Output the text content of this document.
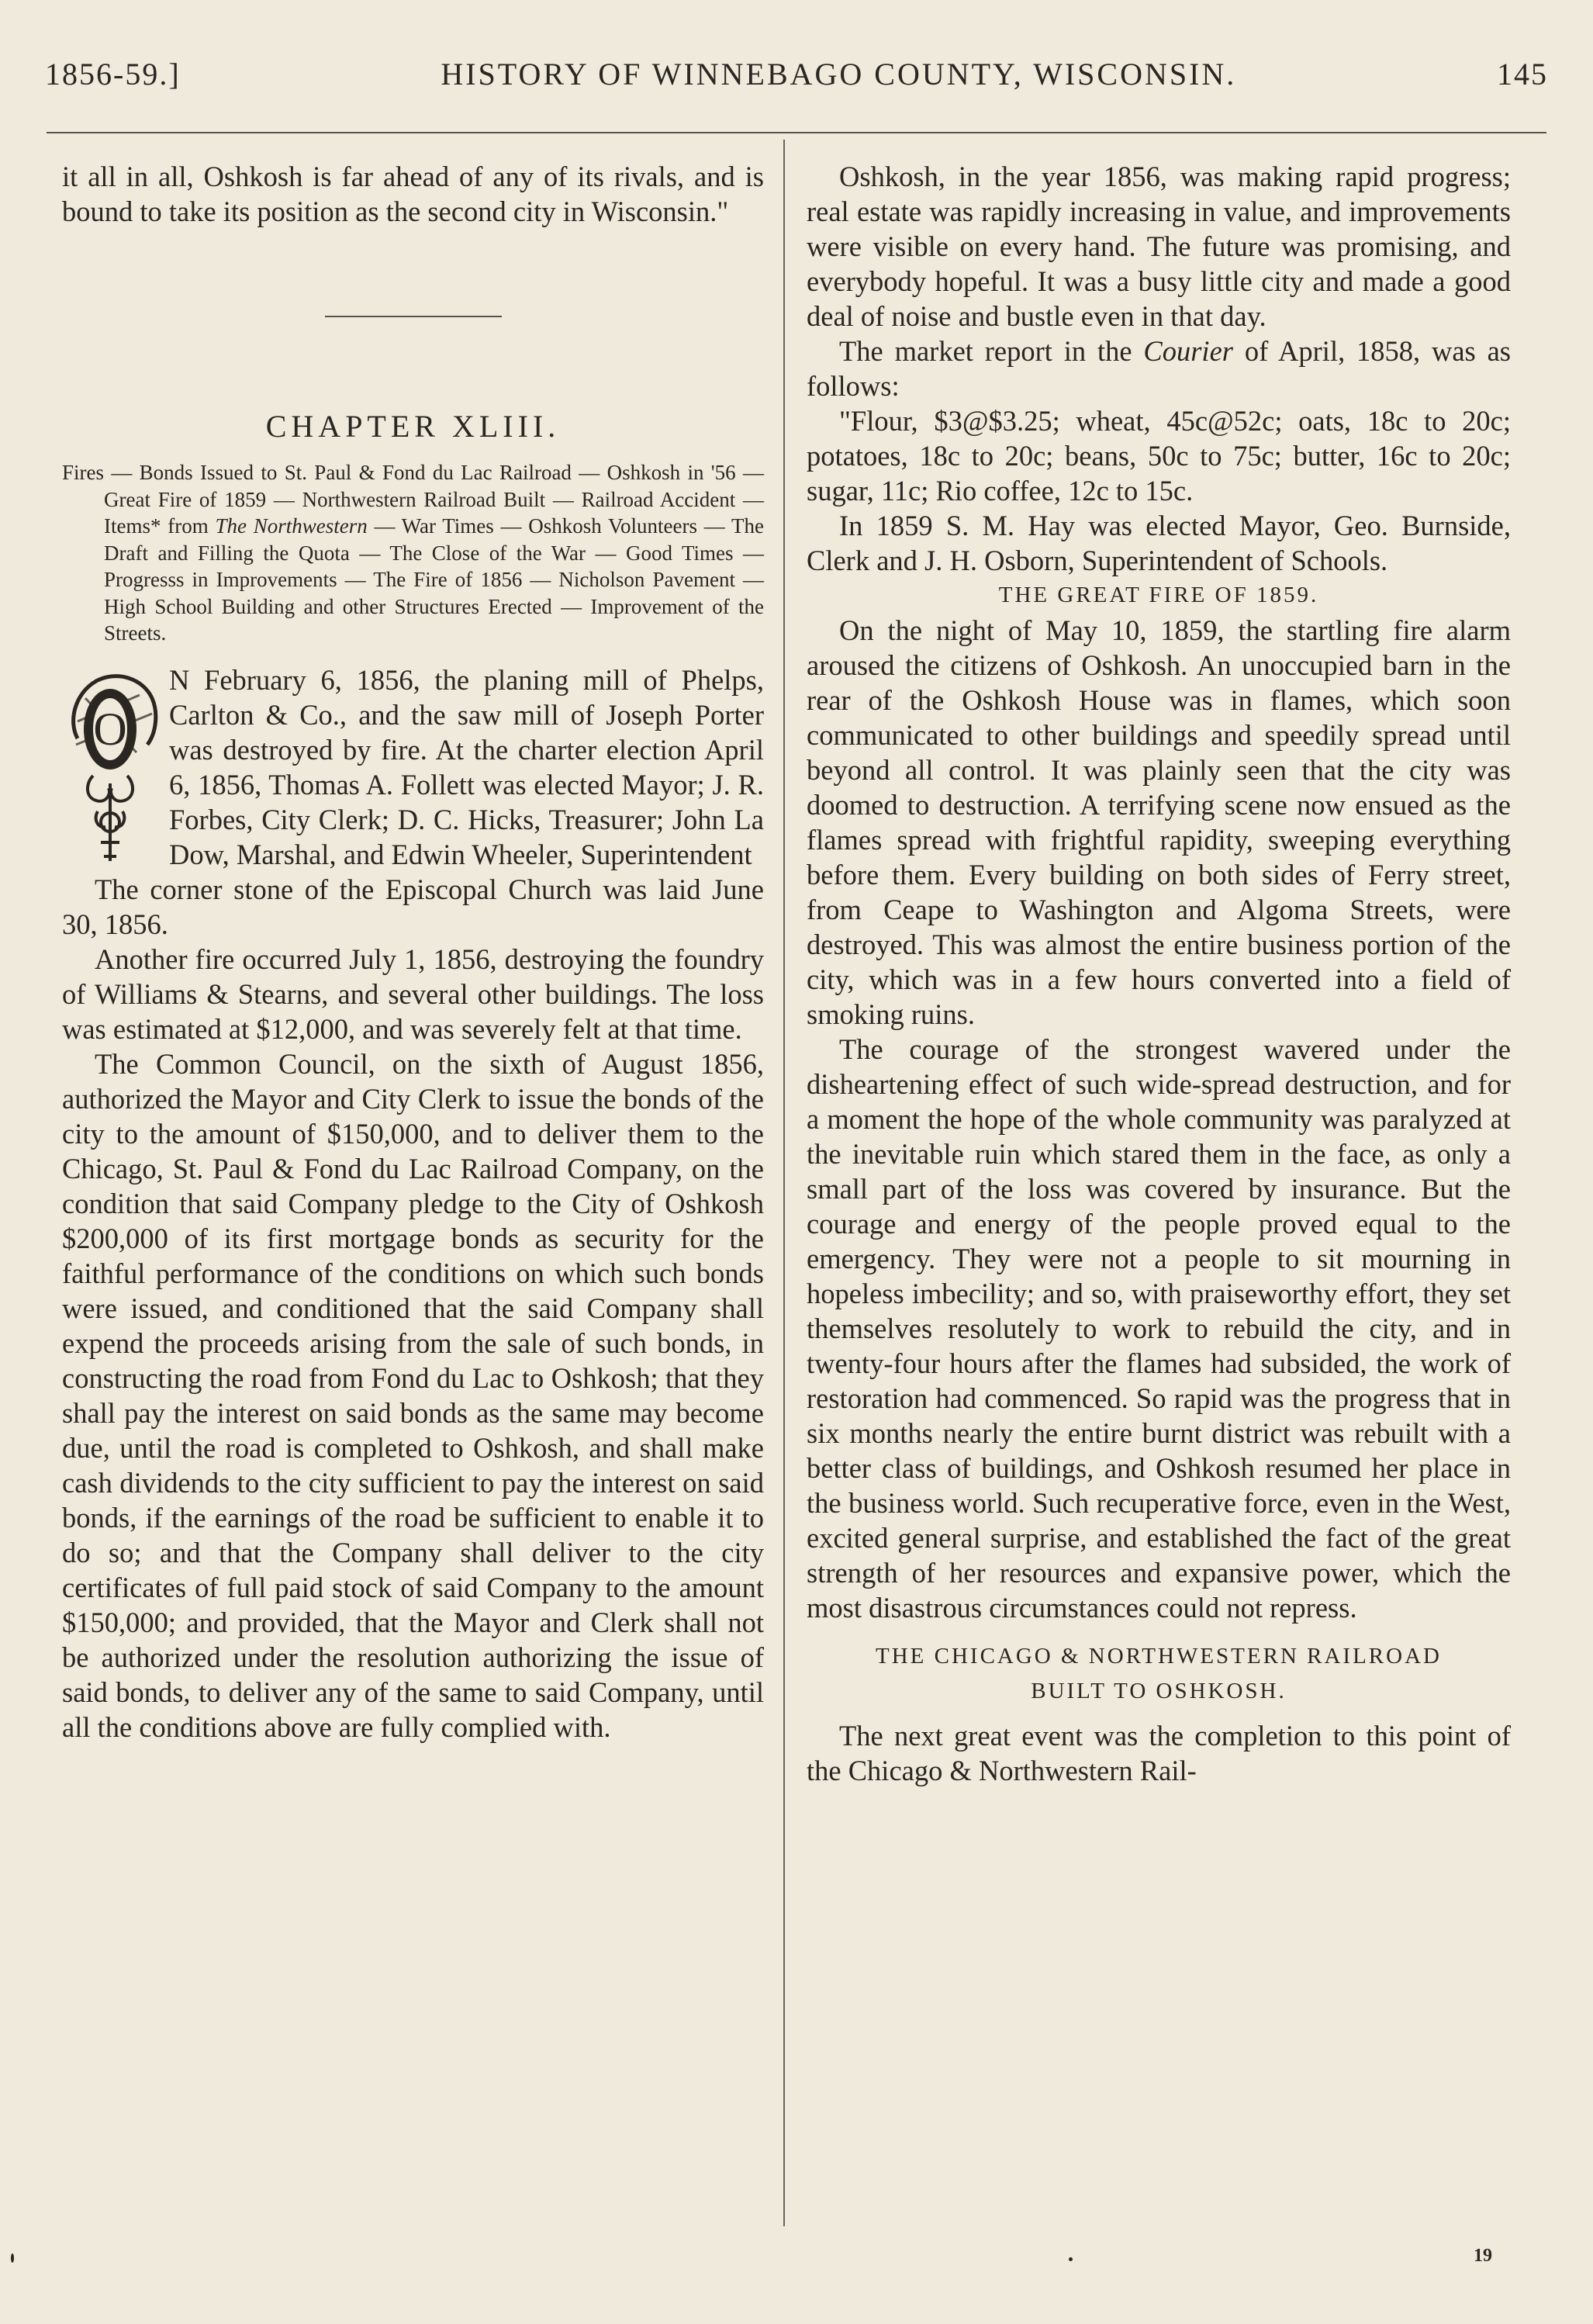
1856-59.]	HISTORY OF WINNEBAGO COUNTY, WISCONSIN.	145

it all in all, Oshkosh is far ahead of any of its rivals, and is bound to take its position as the second city in Wisconsin."

CHAPTER XLIII.

Fires — Bonds Issued to St. Paul & Fond du Lac Railroad — Oshkosh in '56 — Great Fire of 1859 — Northwestern Railroad Built — Railroad Accident — Items* from The Northwestern — War Times — Oshkosh Volunteers — The Draft and Filling the Quota — The Close of the War — Good Times — Progresss in Improvements — The Fire of 1856 — Nicholson Pavement — High School Building and other Structures Erected — Improvement of the Streets.

O
N February 6, 1856, the planing mill of Phelps, Carlton & Co., and the saw mill of Joseph Porter was destroyed by fire. At the charter election April 6, 1856, Thomas A. Follett was elected Mayor; J. R. Forbes, City Clerk; D. C. Hicks, Treasurer; John La Dow, Marshal, and Edwin Wheeler, Superintendent

The corner stone of the Episcopal Church was laid June 30, 1856.

Another fire occurred July 1, 1856, destroying the foundry of Williams & Stearns, and several other buildings. The loss was estimated at $12,000, and was severely felt at that time.

The Common Council, on the sixth of August 1856, authorized the Mayor and City Clerk to issue the bonds of the city to the amount of $150,000, and to deliver them to the Chicago, St. Paul & Fond du Lac Railroad Company, on the condition that said Company pledge to the City of Oshkosh $200,000 of its first mortgage bonds as security for the faithful performance of the conditions on which such bonds were issued, and conditioned that the said Company shall expend the proceeds arising from the sale of such bonds, in constructing the road from Fond du Lac to Oshkosh; that they shall pay the interest on said bonds as the same may become due, until the road is completed to Oshkosh, and shall make cash dividends to the city sufficient to pay the interest on said bonds, if the earnings of the road be sufficient to enable it to do so; and that the Company shall deliver to the city certificates of full paid stock of said Company to the amount $150,000; and provided, that the Mayor and Clerk shall not be authorized under the resolution authorizing the issue of said bonds, to deliver any of the same to said Company, until all the conditions above are fully complied with.

Oshkosh, in the year 1856, was making rapid progress; real estate was rapidly increasing in value, and improvements were visible on every hand. The future was promising, and everybody hopeful. It was a busy little city and made a good deal of noise and bustle even in that day.

The market report in the Courier of April, 1858, was as follows:

"Flour, $3@$3.25; wheat, 45c@52c; oats, 18c to 20c; potatoes, 18c to 20c; beans, 50c to 75c; butter, 16c to 20c; sugar, 11c; Rio coffee, 12c to 15c.

In 1859 S. M. Hay was elected Mayor, Geo. Burnside, Clerk and J. H. Osborn, Superintendent of Schools.

THE GREAT FIRE OF 1859.

On the night of May 10, 1859, the startling fire alarm aroused the citizens of Oshkosh. An unoccupied barn in the rear of the Oshkosh House was in flames, which soon communicated to other buildings and speedily spread until beyond all control. It was plainly seen that the city was doomed to destruction. A terrifying scene now ensued as the flames spread with frightful rapidity, sweeping everything before them. Every building on both sides of Ferry street, from Ceape to Washington and Algoma Streets, were destroyed. This was almost the entire business portion of the city, which was in a few hours converted into a field of smoking ruins.

The courage of the strongest wavered under the disheartening effect of such wide-spread destruction, and for a moment the hope of the whole community was paralyzed at the inevitable ruin which stared them in the face, as only a small part of the loss was covered by insurance. But the courage and energy of the people proved equal to the emergency. They were not a people to sit mourning in hopeless imbecility; and so, with praiseworthy effort, they set themselves resolutely to work to rebuild the city, and in twenty-four hours after the flames had subsided, the work of restoration had commenced. So rapid was the progress that in six months nearly the entire burnt district was rebuilt with a better class of buildings, and Oshkosh resumed her place in the business world. Such recuperative force, even in the West, excited general surprise, and established the fact of the great strength of her resources and expansive power, which the most disastrous circumstances could not repress.

THE CHICAGO & NORTHWESTERN RAILROAD
BUILT TO OSHKOSH.

The next great event was the completion to this point of the Chicago & Northwestern Rail-

19
